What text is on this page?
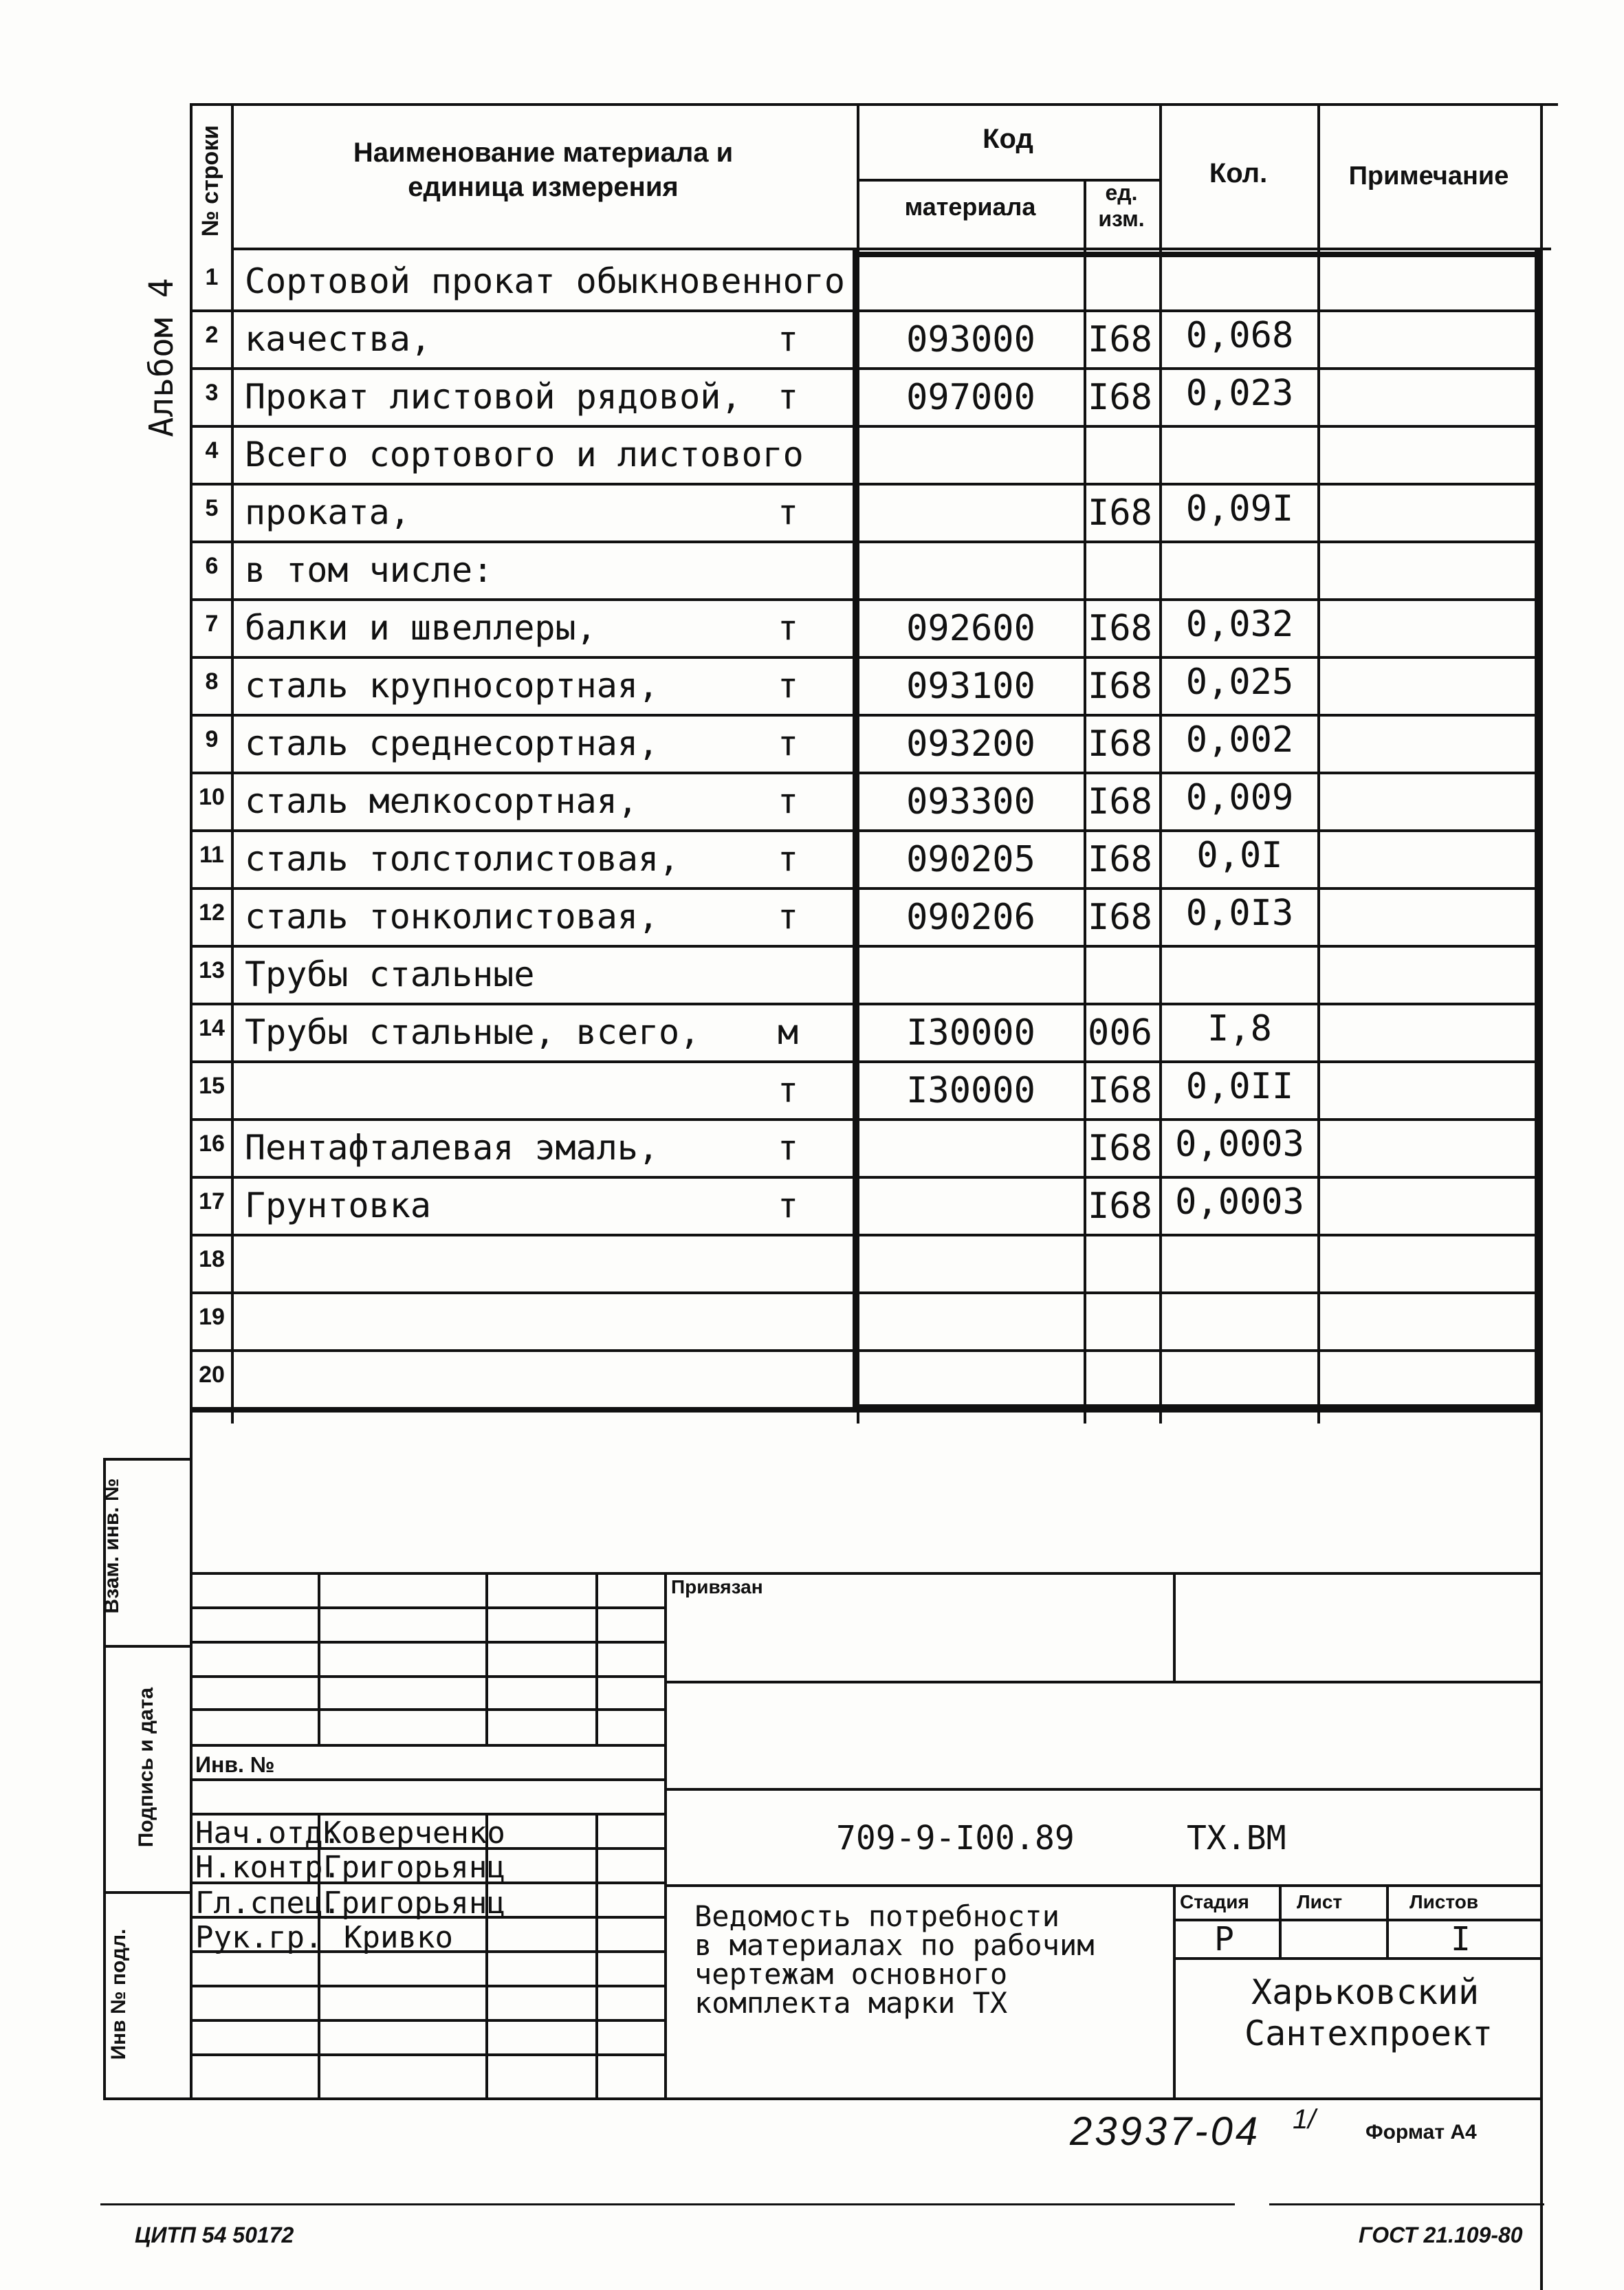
№ строки	Наименование материала и
единица измерения
Код
материала	ед.
изм.
Кол.	Примечание
Альбом 4
1 Сортовой прокат обыкновенного
2 качества,	т	093000	I68 0,068
3 Прокат листовой рядовой, т	097000	I68 0,023
4 Всего сортового и листового
5 проката,	т	I68 0,09I
6 в том числе:
7 балки и швеллеры,	т	092600	I68 0,032
8 сталь крупносортная,	т	093100	I68 0,025
9 сталь среднесортная,	т	093200	I68 0,002
10 сталь мелкосортная,	т	093300	I68 0,009
11 сталь толстолистовая,	т	090205	I68	0,0I
12 сталь тонколистовая,	т	090206	I68 0,0I3
13 Трубы стальные
14 Трубы стальные, всего, м	I30000	006	I,8
15	т	I30000	I68 0,0II
16 Пентафталевая эмаль,	т	I68 0,0003
17 Грунтовка	т	I68 0,0003
18
19
20
Взам. инв. №
Подпись и дата
Инв № подл.
Привязан
Инв. №
709-9-I00.89	ТХ.ВМ
Нач.отд.
Коверченко
Н.контр.
Григорьянц
Гл.спец.
Григорьянц
Рук.гр. Кривко
Ведомость потребности
в материалах по рабочим
чертежам основного
комплекта марки ТХ
Стадия Лист	Листов
Р	I
Харьковский
Сантехпроект
23937-04 1/ Формат А4
ЦИТП 54 50172	ГОСТ 21.109-80
